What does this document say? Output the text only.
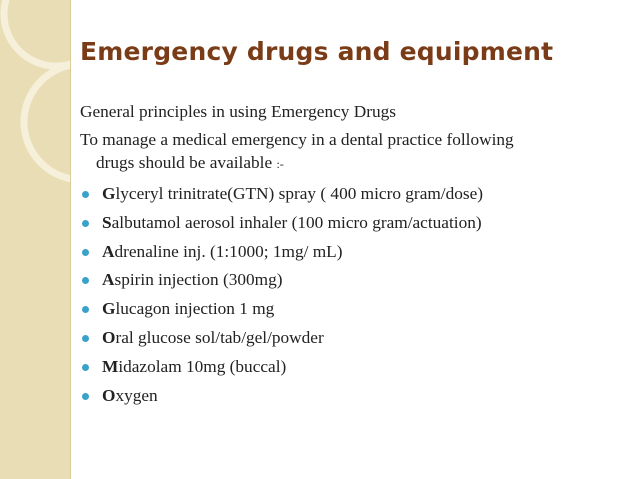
Emergency drugs and equipment
General principles in using Emergency Drugs
To manage a medical emergency in a dental practice following
drugs should be available :-
Glyceryl trinitrate(GTN) spray ( 400 micro gram/dose)
Salbutamol aerosol inhaler (100 micro gram/actuation)
Adrenaline inj. (1:1000; 1mg/ mL)
Aspirin injection (300mg)
Glucagon injection 1 mg
Oral glucose sol/tab/gel/powder
Midazolam 10mg (buccal)
Oxygen
